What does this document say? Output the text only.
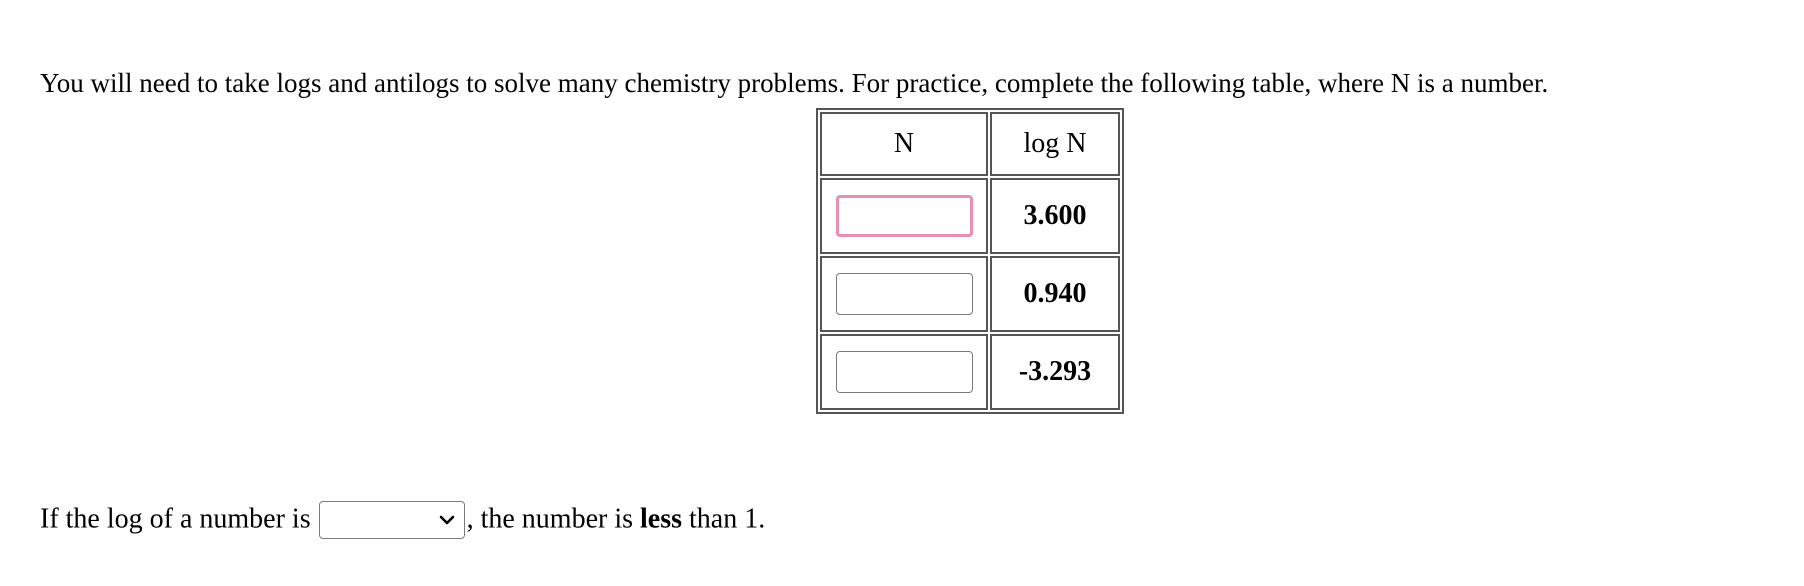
You will need to take logs and antilogs to solve many chemistry problems. For practice, complete the following table, where N is a number.

N	log N
	3.600
	0.940
	-3.293
If the log of a number is	, the number is less than 1.
